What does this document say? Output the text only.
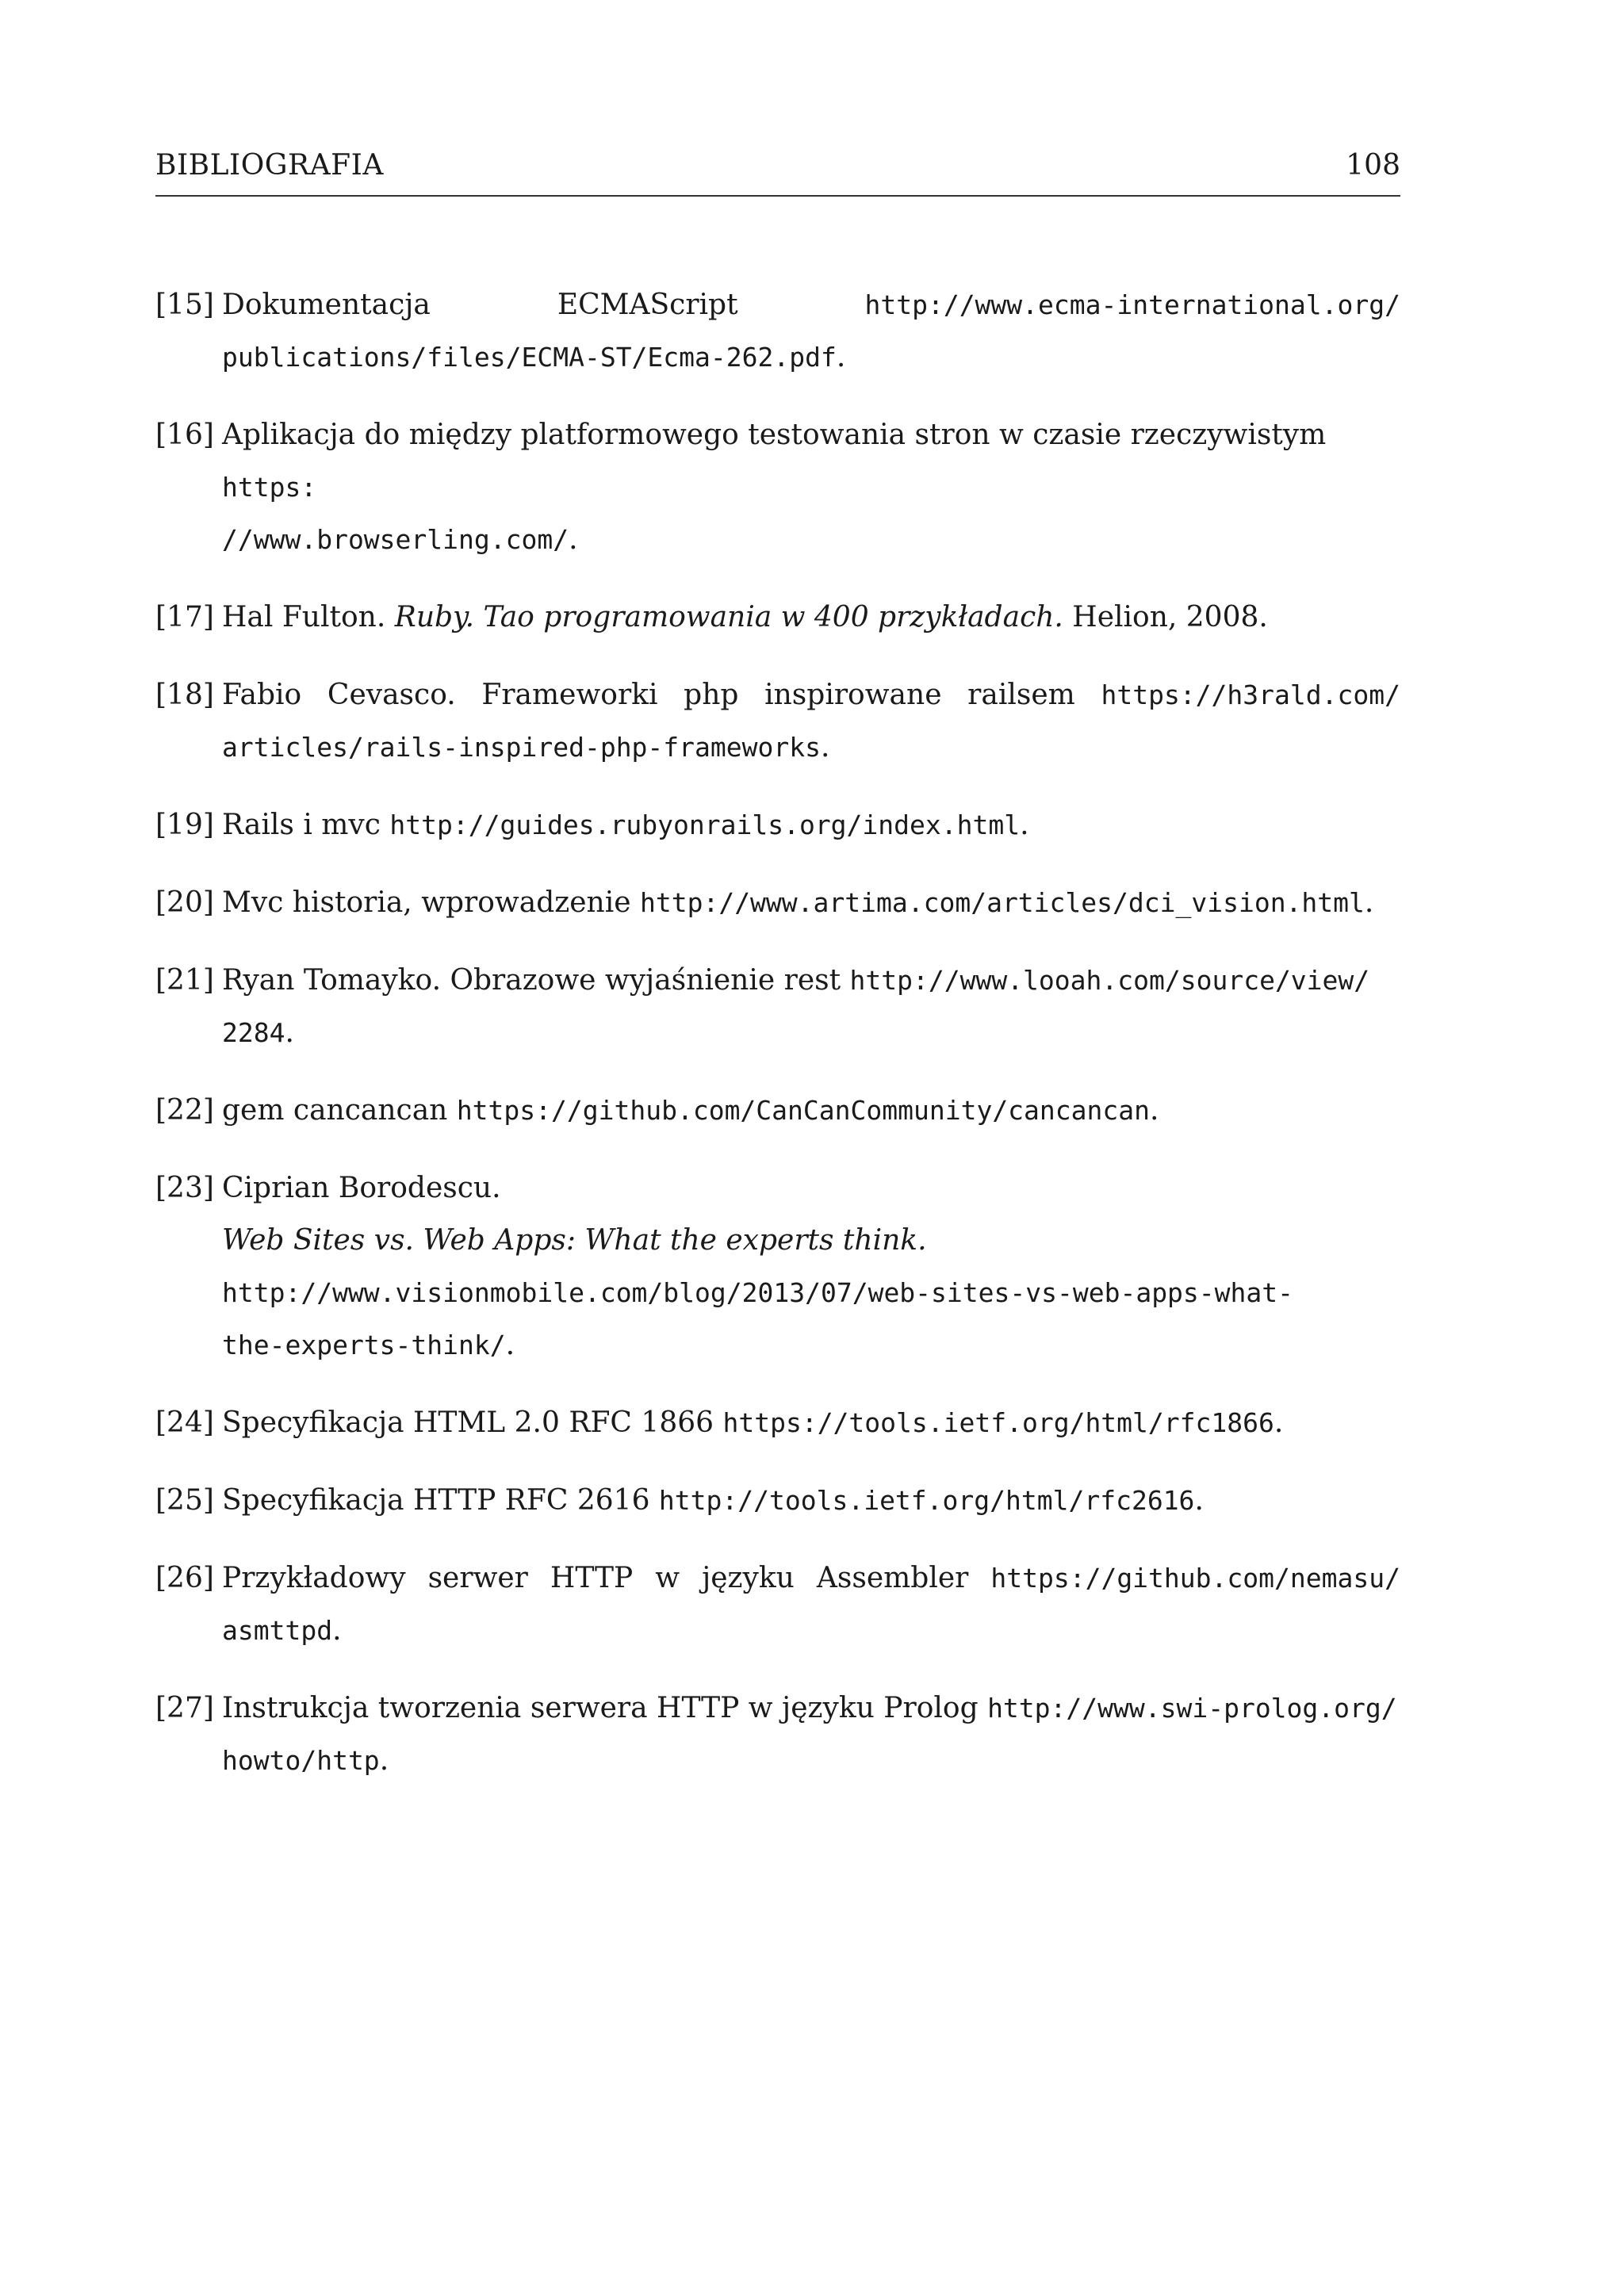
BIBLIOGRAFIA	108
[15] Dokumentacja	ECMAScript	http://www.ecma-international.org/
publications/files/ECMA-ST/Ecma-262.pdf.
[16] Aplikacja do między platformowego testowania stron w czasie rzeczywistym https:
//www.browserling.com/.
[17] Hal Fulton. Ruby. Tao programowania w 400 przykładach. Helion, 2008.
[18] Fabio Cevasco. Frameworki php inspirowane railsem https://h3rald.com/
articles/rails-inspired-php-frameworks.
[19] Rails i mvc http://guides.rubyonrails.org/index.html.
[20] Mvc historia, wprowadzenie http://www.artima.com/articles/dci_vision.html.
[21] Ryan Tomayko. Obrazowe wyjaśnienie rest http://www.looah.com/source/view/
2284.
[22] gem cancancan https://github.com/CanCanCommunity/cancancan.
[23] Ciprian Borodescu.
Web Sites vs. Web Apps: What the experts think.
http://www.visionmobile.com/blog/2013/07/web-sites-vs-web-apps-what-
the-experts-think/.
[24] Specyfikacja HTML 2.0 RFC 1866 https://tools.ietf.org/html/rfc1866.
[25] Specyfikacja HTTP RFC 2616 http://tools.ietf.org/html/rfc2616.
[26] Przykładowy serwer HTTP w języku Assembler https://github.com/nemasu/
asmttpd.
[27] Instrukcja tworzenia serwera HTTP w języku Prolog http://www.swi-prolog.org/
howto/http.
